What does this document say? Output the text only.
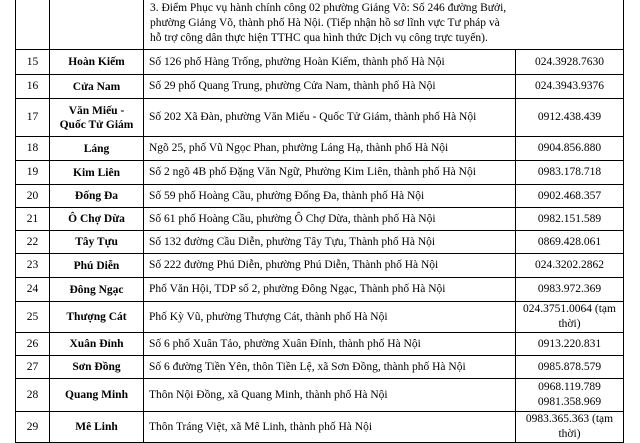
		3. Điểm Phục vụ hành chính công 02 phường Giảng Võ: Số 246 đường Bưởi,
phường Giảng Võ, thành phố Hà Nội. (Tiếp nhận hồ sơ lĩnh vực Tư pháp và
hỗ trợ công dân thực hiện TTHC qua hình thức Dịch vụ công trực tuyến).	

15	Hoàn Kiếm	Số 126 phố Hàng Trống, phường Hoàn Kiếm, thành phố Hà Nội	024.3928.7630

16	Cửa Nam	Số 29 phố Quang Trung, phường Cửa Nam, thành phố Hà Nội	024.3943.9376

17	Văn Miếu -
Quốc Tử Giám	Số 202 Xã Đàn, phường Văn Miếu - Quốc Tử Giám, thành phố Hà Nội	0912.438.439

18	Láng	Ngõ 25, phố Vũ Ngọc Phan, phường Láng Hạ, thành phố Hà Nội	0904.856.880

19	Kim Liên	Số 2 ngõ 4B phố Đặng Văn Ngữ, Phường Kim Liên, thành phố Hà Nội	0983.178.718

20	Đống Đa	Số 59 phố Hoàng Cầu, phường Đống Đa, thành phố Hà Nội	0902.468.357

21	Ô Chợ Dừa	Số 61 phố Hoàng Cầu, phường Ô Chợ Dừa, thành phố Hà Nội	0982.151.589

22	Tây Tựu	Số 132 đường Cầu Diễn, phường Tây Tựu, Thành phố Hà Nội	0869.428.061

23	Phú Diễn	Số 222 đường Phú Diễn, phường Phú Diễn, Thành phố Hà Nội	024.3202.2862

24	Đông Ngạc	Phố Văn Hội, TDP số 2, phường Đông Ngạc, Thành phố Hà Nội	0983.972.369

25	Thượng Cát	Phố Kỳ Vũ, phường Thượng Cát, thành phố Hà Nội	024.3751.0064 (tạm thời)

26	Xuân Đỉnh	Số 6 phố Xuân Tảo, phường Xuân Đỉnh, thành phố Hà Nội	0913.220.831

27	Sơn Đồng	Số 6 đường Tiền Yên, thôn Tiền Lệ, xã Sơn Đồng, thành phố Hà Nội	0985.878.579

28	Quang Minh	Thôn Nội Đồng, xã Quang Minh, thành phố Hà Nội	0968.119.789
0981.358.969

29	Mê Linh	Thôn Tráng Việt, xã Mê Linh, thành phố Hà Nội	0983.365.363 (tạm thời)
